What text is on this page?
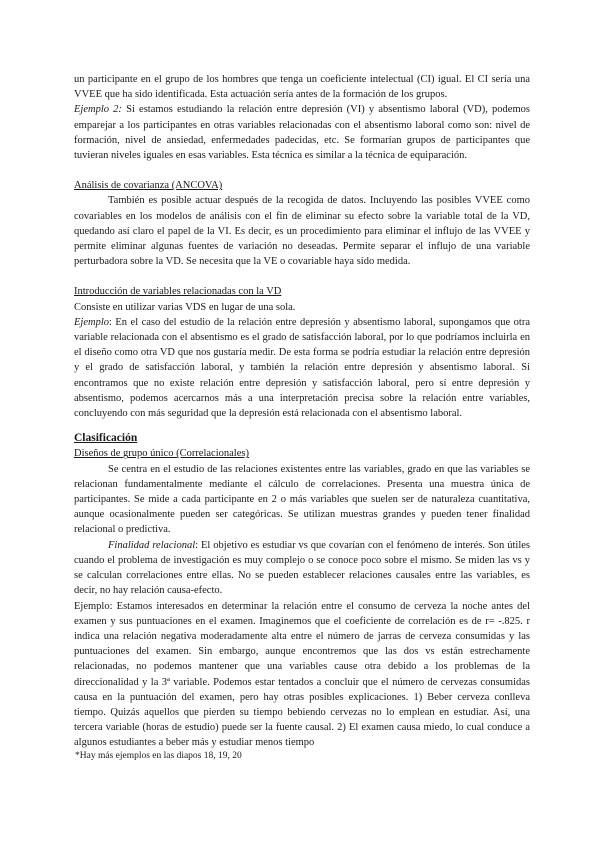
un participante en el grupo de los hombres que tenga un coeficiente intelectual (CI) igual. El CI sería una VVEE que ha sido identificada. Esta actuación sería antes de la formación de los grupos.

Ejemplo 2: Si estamos estudiando la relación entre depresión (VI) y absentismo laboral (VD), podemos emparejar a los participantes en otras variables relacionadas con el absentismo laboral como son: nivel de formación, nivel de ansiedad, enfermedades padecidas, etc. Se formarían grupos de participantes que tuvieran niveles iguales en esas variables. Esta técnica es similar a la técnica de equiparación.

Análisis de covarianza (ANCOVA)

También es posible actuar después de la recogida de datos. Incluyendo las posibles VVEE como covariables en los modelos de análisis con el fin de eliminar su efecto sobre la variable total de la VD, quedando así claro el papel de la VI. Es decir, es un procedimiento para eliminar el influjo de las VVEE y permite eliminar algunas fuentes de variación no deseadas. Permite separar el influjo de una variable perturbadora sobre la VD. Se necesita que la VE o covariable haya sido medida.

Introducción de variables relacionadas con la VD

Consiste en utilizar varias VDS en lugar de una sola.

Ejemplo: En el caso del estudio de la relación entre depresión y absentismo laboral, supongamos que otra variable relacionada con el absentismo es el grado de satisfacción laboral, por lo que podríamos incluirla en el diseño como otra VD que nos gustaría medir. De esta forma se podría estudiar la relación entre depresión y el grado de satisfacción laboral, y también la relación entre depresión y absentismo laboral. Si encontramos que no existe relación entre depresión y satisfacción laboral, pero sí entre depresión y absentismo, podemos acercarnos más a una interpretación precisa sobre la relación entre variables, concluyendo con más seguridad que la depresión está relacionada con el absentismo laboral.

Clasificación

Diseños de grupo único (Correlacionales)

Se centra en el estudio de las relaciones existentes entre las variables, grado en que las variables se relacionan fundamentalmente mediante el cálculo de correlaciones. Presenta una muestra única de participantes. Se mide a cada participante en 2 o más variables que suelen ser de naturaleza cuantitativa, aunque ocasionalmente pueden ser categóricas. Se utilizan muestras grandes y pueden tener finalidad relacional o predictiva.

Finalidad relacional: El objetivo es estudiar vs que covarían con el fenómeno de interés. Son útiles cuando el problema de investigación es muy complejo o se conoce poco sobre el mismo. Se miden las vs y se calculan correlaciones entre ellas. No se pueden establecer relaciones causales entre las variables, es decir, no hay relación causa-efecto.

Ejemplo: Estamos interesados en determinar la relación entre el consumo de cerveza la noche antes del examen y sus puntuaciones en el examen. Imaginemos que el coeficiente de correlación es de r= -.825. r indica una relación negativa moderadamente alta entre el número de jarras de cerveza consumidas y las puntuaciones del examen. Sin embargo, aunque encontremos que las dos vs están estrechamente relacionadas, no podemos mantener que una variables cause otra debido a los problemas de la direccionalidad y la 3ª variable. Podemos estar tentados a concluir que el número de cervezas consumidas causa en la puntuación del examen, pero hay otras posibles explicaciones. 1) Beber cerveza conlleva tiempo. Quizás aquellos que pierden su tiempo bebiendo cervezas no lo emplean en estudiar. Así, una tercera variable (horas de estudio) puede ser la fuente causal. 2) El examen causa miedo, lo cual conduce a algunos estudiantes a beber más y estudiar menos tiempo

*Hay más ejemplos en las diapos 18, 19, 20
